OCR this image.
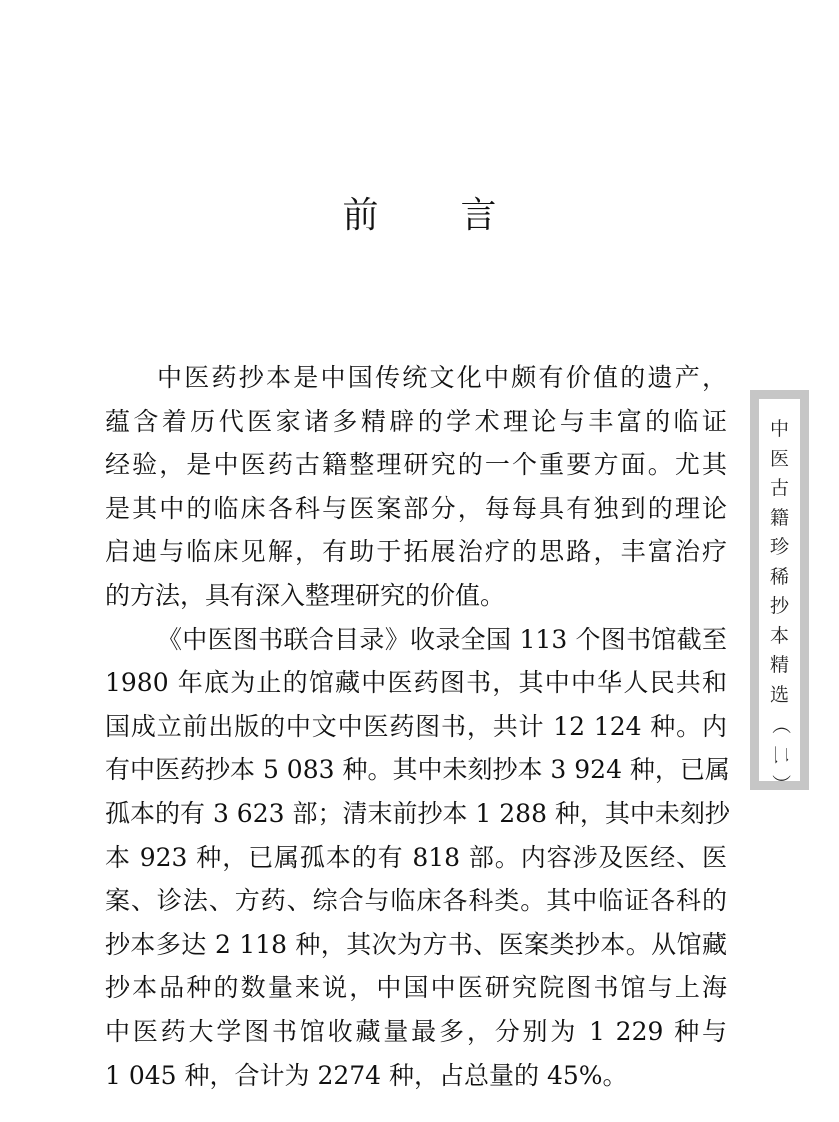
前 言
中医药抄本是中国传统文化中颇有价值的遗产，
蕴含着历代医家诸多精辟的学术理论与丰富的临证
经验，是中医药古籍整理研究的一个重要方面。尤其
是其中的临床各科与医案部分，每每具有独到的理论
启迪与临床见解，有助于拓展治疗的思路，丰富治疗
的方法，具有深入整理研究的价值。
《中医图书联合目录》收录全国 113 个图书馆截至
1980 年底为止的馆藏中医药图书，其中中华人民共和
国成立前出版的中文中医药图书，共计 12 124 种。内
有中医药抄本 5 083 种。其中未刻抄本 3 924 种，已属
孤本的有 3 623 部；清末前抄本 1 288 种，其中未刻抄
本 923 种，已属孤本的有 818 部。内容涉及医经、医
案、诊法、方药、综合与临床各科类。其中临证各科的
抄本多达 2 118 种，其次为方书、医案类抄本。从馆藏
抄本品种的数量来说，中国中医研究院图书馆与上海
中医药大学图书馆收藏量最多，分别为 1 229 种与
1 045 种，合计为 2274 种，占总量的 45%。
中
医
古
籍
珍
稀
抄
本
精
选
（
二
）
